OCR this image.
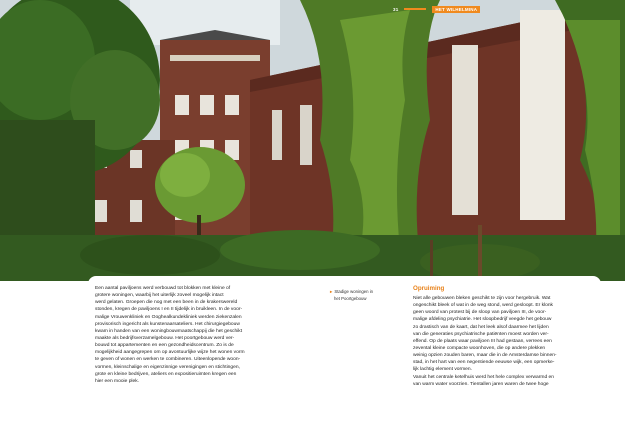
31	HET WILHELMINA
Een aantal paviljoens werd verbouwd tot blokken met kleine of
grotere woningen, waarbij het uiterlijk zoveel mogelijk intact
werd gelaten. Groepen die nog met een been in de krakerswereld
stonden, kregen de paviljoens I en II tijdelijk in bruikleen. In de voor-
malige Vrouwenkliniek en Ooghealkundekliniek werden ziekenzalen
provisorisch ingericht als kunstenaarsateliers. Het chirurgiegebouw
kwam in handen van een woningbouwmaatschappij die het geschikt
maakte als bedrijfsverzamelgebouw. Het poortgebouw werd ver-
bouwd tot appartementen en een gezondheidscentrum. Zo is de
mogelijkheid aangegrepen om op avontuurlijke wijze het wonen vorm
te geven of wonen en werken te combineren. Uiteenlopende woon-
vormen, kleinschalige en eigenzinnige verenigingen en stichtingen,
grote en kleine bedrijven, ateliers en expositieruimten kregen een
hier een mooie plek.
▸ Stadige woningen in
het Poortgebouw
Opruiming
Niet alle gebouwen bleken geschikt te zijn voor hergebruik. Wat
ongeschikt bleek of wat in de weg stond, werd gesloopt. Er klonk
geen woord van protest bij de sloop van paviljoen III, de voor-
malige afdeling psychiatrie. Het sloopbedrijf veegde het gebouw
zo drastisch van de kaart, dat het leek alsof daarmee het lijden
van die generaties psychiatrische patiënten moest worden ver-
effend. Op de plaats waar paviljoen III had gestaan, verrees een
zevental kleine compacte woonhoven, die op andere plekken
weinig opzien zouden baren, maar die in de Amsterdamse binnen-
stad, in het hart van een negentiende eeuwse wijk, een opmerke-
lijk lachtig element vormen.
Vanuit het centrale ketelhuis werd het hele complex verwarmd en
van warm water voorzien. Tientallen jaren waren de twee hoge
